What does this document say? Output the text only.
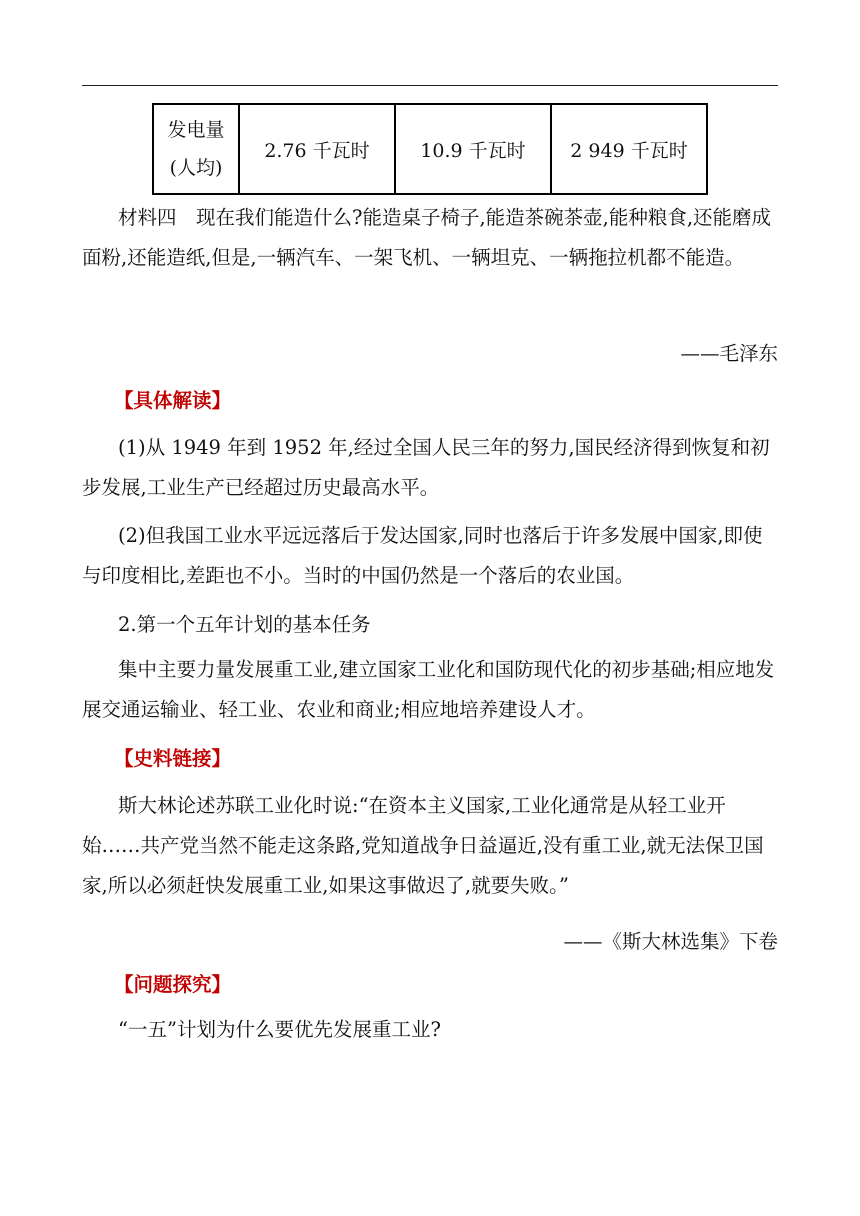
发电量
(人均)	2.76 千瓦时	10.9 千瓦时	2 949 千瓦时

材料四　现在我们能造什么?能造桌子椅子,能造茶碗茶壶,能种粮食,还能磨成面粉,还能造纸,但是,一辆汽车、一架飞机、一辆坦克、一辆拖拉机都不能造。

——毛泽东

【具体解读】

(1)从 1949 年到 1952 年,经过全国人民三年的努力,国民经济得到恢复和初步发展,工业生产已经超过历史最高水平。

(2)但我国工业水平远远落后于发达国家,同时也落后于许多发展中国家,即使与印度相比,差距也不小。当时的中国仍然是一个落后的农业国。

2.第一个五年计划的基本任务

集中主要力量发展重工业,建立国家工业化和国防现代化的初步基础;相应地发展交通运输业、轻工业、农业和商业;相应地培养建设人才。

【史料链接】

斯大林论述苏联工业化时说:“在资本主义国家,工业化通常是从轻工业开始……共产党当然不能走这条路,党知道战争日益逼近,没有重工业,就无法保卫国家,所以必须赶快发展重工业,如果这事做迟了,就要失败。”

——《斯大林选集》下卷

【问题探究】

“一五”计划为什么要优先发展重工业?
